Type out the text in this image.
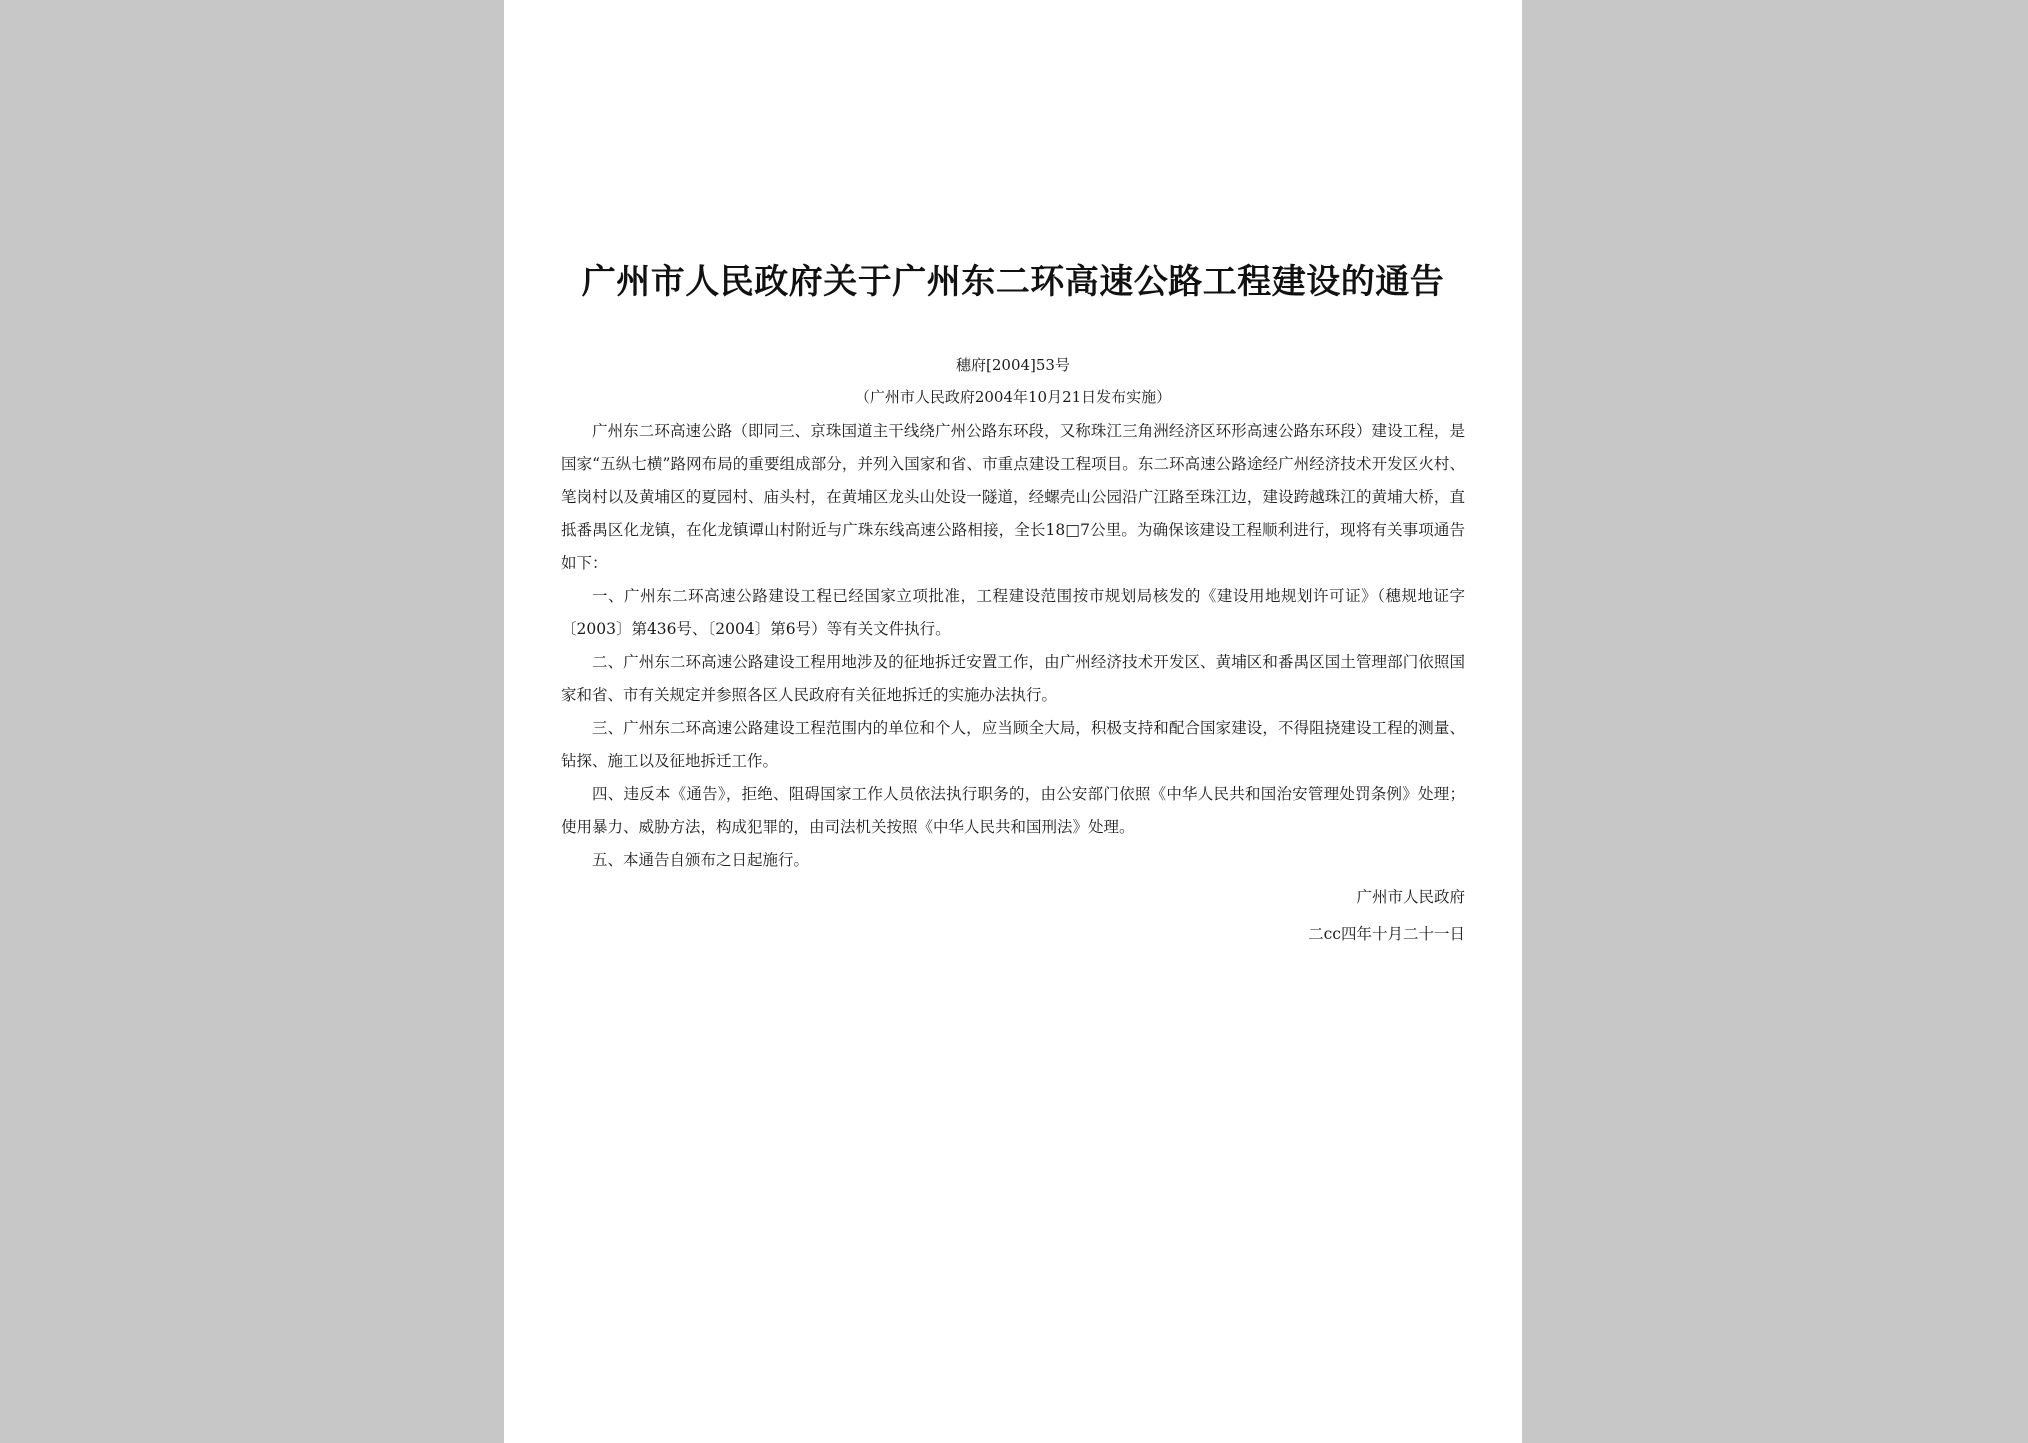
广州市人民政府关于广州东二环高速公路工程建设的通告
穗府[2004]53号
（广州市人民政府2004年10月21日发布实施）

广州东二环高速公路（即同三、京珠国道主干线绕广州公路东环段，又称珠江三角洲经济区环形高速公路东环段）建设工程，是国家“五纵七横”路网布局的重要组成部分，并列入国家和省、市重点建设工程项目。东二环高速公路途经广州经济技术开发区火村、笔岗村以及黄埔区的夏园村、庙头村，在黄埔区龙头山处设一隧道，经螺壳山公园沿广江路至珠江边，建设跨越珠江的黄埔大桥，直抵番禺区化龙镇，在化龙镇谭山村附近与广珠东线高速公路相接，全长18□7公里。为确保该建设工程顺利进行，现将有关事项通告如下：

一、广州东二环高速公路建设工程已经国家立项批准，工程建设范围按市规划局核发的《建设用地规划许可证》（穗规地证字〔2003〕第436号、〔2004〕第6号）等有关文件执行。

二、广州东二环高速公路建设工程用地涉及的征地拆迁安置工作，由广州经济技术开发区、黄埔区和番禺区国土管理部门依照国家和省、市有关规定并参照各区人民政府有关征地拆迁的实施办法执行。

三、广州东二环高速公路建设工程范围内的单位和个人，应当顾全大局，积极支持和配合国家建设，不得阻挠建设工程的测量、钻探、施工以及征地拆迁工作。

四、违反本《通告》，拒绝、阻碍国家工作人员依法执行职务的，由公安部门依照《中华人民共和国治安管理处罚条例》处理；使用暴力、威胁方法，构成犯罪的，由司法机关按照《中华人民共和国刑法》处理。

五、本通告自颁布之日起施行。

广州市人民政府
二cc四年十月二十一日
